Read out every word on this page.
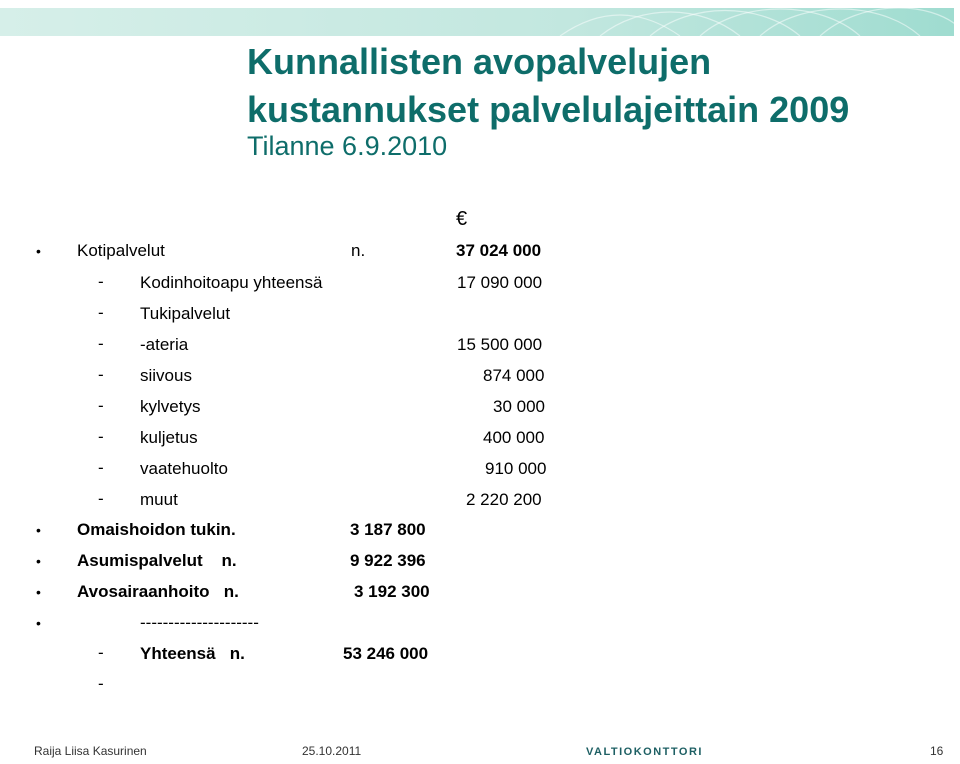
Kunnallisten avopalvelujen kustannukset palvelulajeittain 2009
Tilanne 6.9.2010
€
• Kotipalvelut	n.	37 024 000
- Kodinhoitoapu yhteensä	17 090 000
- Tukipalvelut
- -ateria	15 500 000
- siivous	874 000
- kylvetys	30 000
- kuljetus	400 000
- vaatehuolto	910 000
- muut	2 220 200
• Omaishoidon tukin.	3 187 800
• Asumispalvelut    n.	9 922 396
• Avosairaanhoito   n.	3 192 300
•	---------------------
- Yhteensä   n.	53 246 000
-
Raija Liisa Kasurinen	25.10.2011	VALTIOKONTTORI	16
